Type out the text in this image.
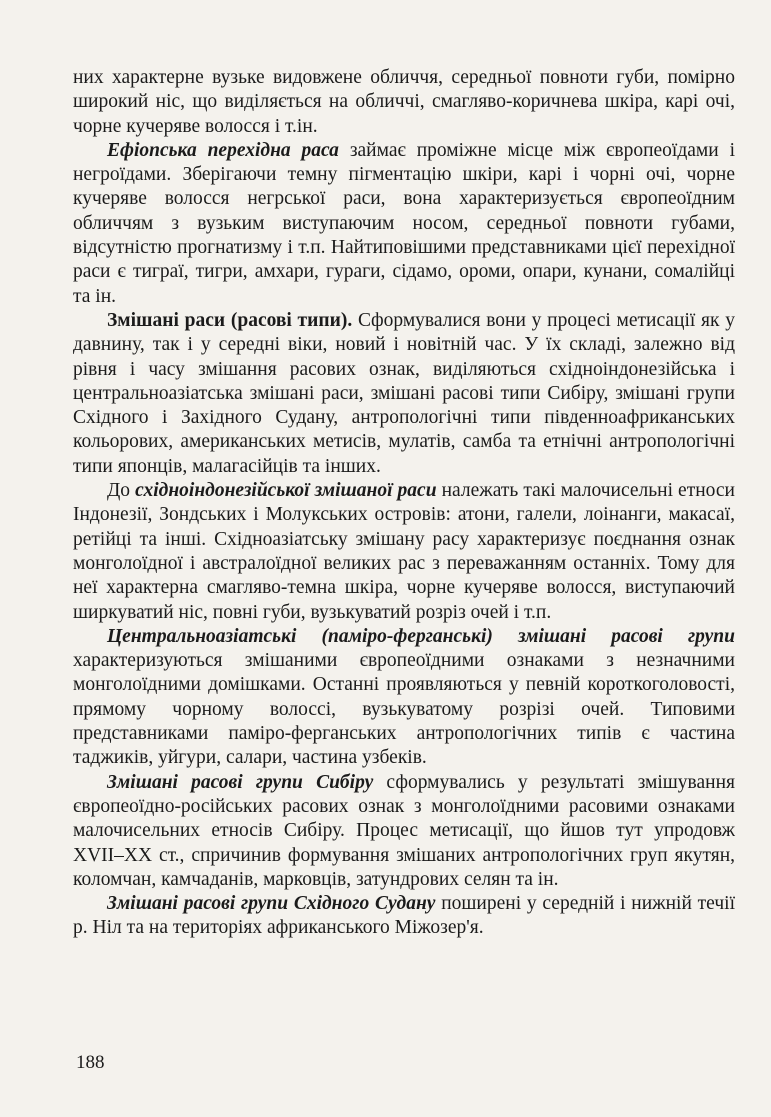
них характерне вузьке видовжене обличчя, середньої повноти губи, помірно широкий ніс, що виділяється на обличчі, смагляво-коричнева шкіра, карі очі, чорне кучеряве волосся і т.ін.

Ефіопська перехідна раса займає проміжне місце між європеоїдами і негроїдами. Зберігаючи темну пігментацію шкіри, карі і чорні очі, чорне кучеряве волосся негрської раси, вона характеризується європеоїдним обличчям з вузьким виступаючим носом, середньої повноти губами, відсутністю прогнатизму і т.п. Найтиповішими представниками цієї перехідної раси є тиграї, тигри, амхари, гураги, сідамо, ороми, опари, кунани, сомалійці та ін.

Змішані раси (расові типи). Сформувалися вони у процесі метисації як у давнину, так і у середні віки, новий і новітній час. У їх складі, залежно від рівня і часу змішання расових ознак, виділяються східноіндонезійська і центральноазіатська змішані раси, змішані расові типи Сибіру, змішані групи Східного і Західного Судану, антропологічні типи південноафриканських кольорових, американських метисів, мулатів, самба та етнічні антропологічні типи японців, малагасійців та інших.

До східноіндонезійської змішаної раси належать такі малочисельні етноси Індонезії, Зондських і Молукських островів: атони, галели, лоінанги, макасаї, ретійці та інші. Східноазіатську змішану расу характеризує поєднання ознак монголоїдної і австралоїдної великих рас з переважанням останніх. Тому для неї характерна смагляво-темна шкіра, чорне кучеряве волосся, виступаючий ширкуватий ніс, повні губи, вузькуватий розріз очей і т.п.

Центральноазіатські (паміро-ферганські) змішані расові групи характеризуються змішаними європеоїдними ознаками з незначними монголоїдними домішками. Останні проявляються у певній короткоголовості, прямому чорному волоссі, вузькуватому розрізі очей. Типовими представниками паміро-ферганських антропологічних типів є частина таджиків, уйгури, салари, частина узбеків.

Змішані расові групи Сибіру сформувались у результаті змішування європеоїдно-російських расових ознак з монголоїдними расовими ознаками малочисельних етносів Сибіру. Процес метисації, що йшов тут упродовж XVII–XX ст., спричинив формування змішаних антропологічних груп якутян, коломчан, камчаданів, марковців, затундрових селян та ін.

Змішані расові групи Східного Судану поширені у середній і нижній течії р. Ніл та на територіях африканського Міжозер'я.

188
